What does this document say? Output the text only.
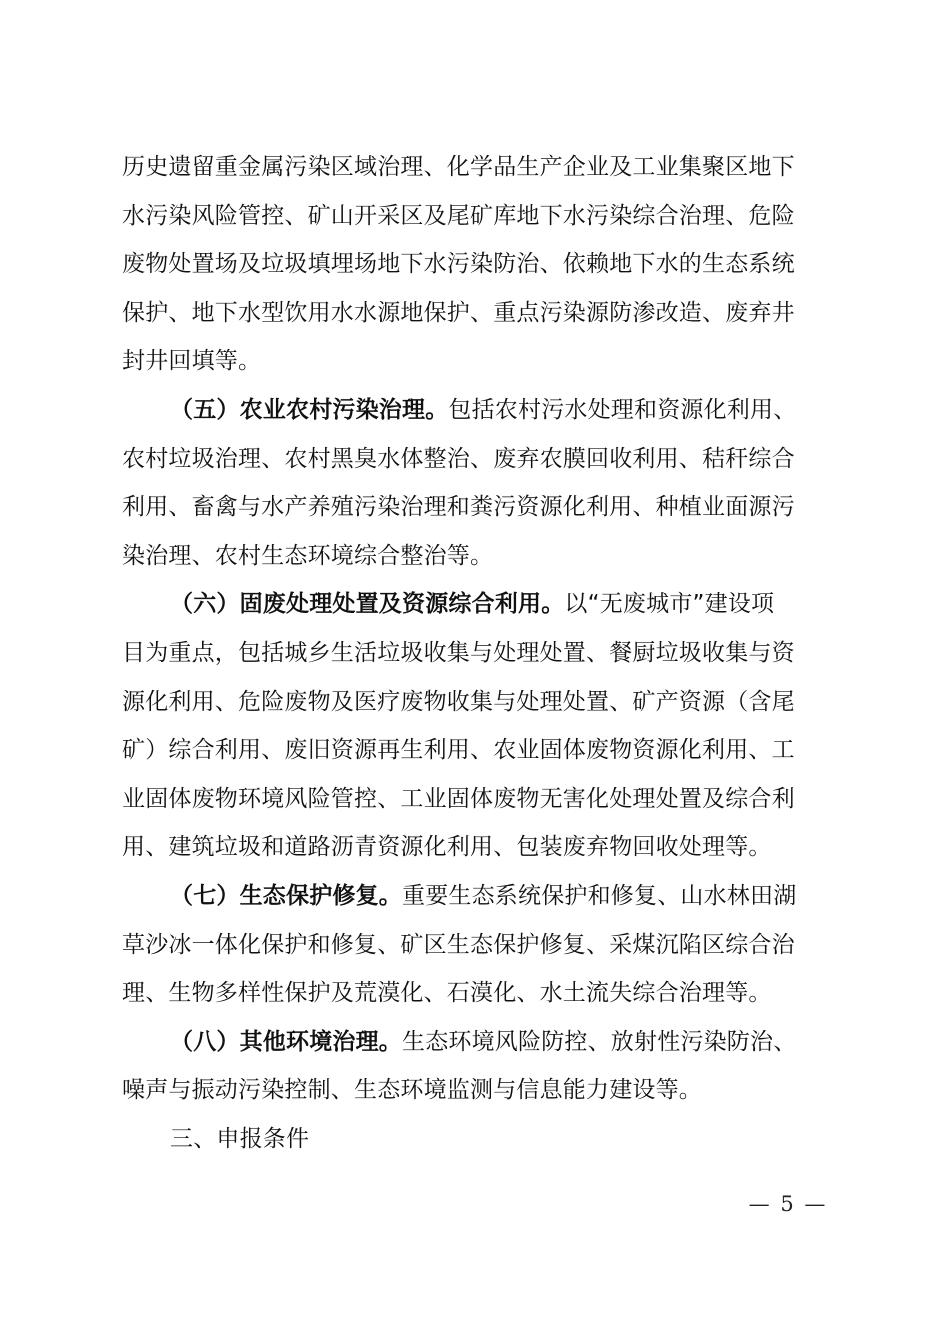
历史遗留重金属污染区域治理、化学品生产企业及工业集聚区地下
水污染风险管控、矿山开采区及尾矿库地下水污染综合治理、危险
废物处置场及垃圾填埋场地下水污染防治、依赖地下水的生态系统
保护、地下水型饮用水水源地保护、重点污染源防渗改造、废弃井
封井回填等。
（五）农业农村污染治理。包括农村污水处理和资源化利用、
农村垃圾治理、农村黑臭水体整治、废弃农膜回收利用、秸秆综合
利用、畜禽与水产养殖污染治理和粪污资源化利用、种植业面源污
染治理、农村生态环境综合整治等。
（六）固废处理处置及资源综合利用。以“无废城市”建设项
目为重点，包括城乡生活垃圾收集与处理处置、餐厨垃圾收集与资
源化利用、危险废物及医疗废物收集与处理处置、矿产资源（含尾
矿）综合利用、废旧资源再生利用、农业固体废物资源化利用、工
业固体废物环境风险管控、工业固体废物无害化处理处置及综合利
用、建筑垃圾和道路沥青资源化利用、包装废弃物回收处理等。
（七）生态保护修复。重要生态系统保护和修复、山水林田湖
草沙冰一体化保护和修复、矿区生态保护修复、采煤沉陷区综合治
理、生物多样性保护及荒漠化、石漠化、水土流失综合治理等。
（八）其他环境治理。生态环境风险防控、放射性污染防治、
噪声与振动污染控制、生态环境监测与信息能力建设等。
三、申报条件
— 5 —
